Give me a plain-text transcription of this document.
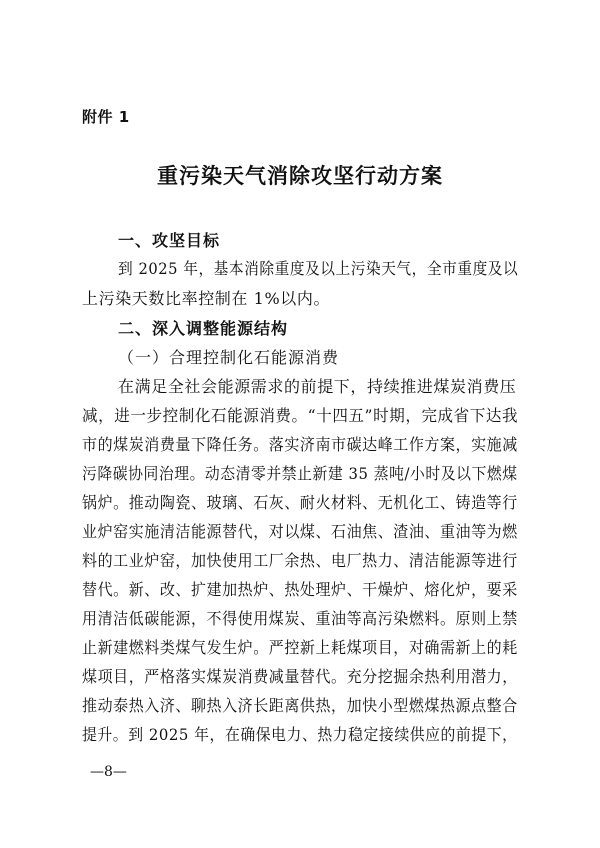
附件 1
重污染天气消除攻坚行动方案
一、攻坚目标
到 2025 年，基本消除重度及以上污染天气，全市重度及以
上污染天数比率控制在 1%以内。
二、深入调整能源结构
（一）合理控制化石能源消费
在满足全社会能源需求的前提下，持续推进煤炭消费压
减，进一步控制化石能源消费。“十四五”时期，完成省下达我
市的煤炭消费量下降任务。落实济南市碳达峰工作方案，实施减
污降碳协同治理。动态清零并禁止新建 35 蒸吨/小时及以下燃煤
锅炉。推动陶瓷、玻璃、石灰、耐火材料、无机化工、铸造等行
业炉窑实施清洁能源替代，对以煤、石油焦、渣油、重油等为燃
料的工业炉窑，加快使用工厂余热、电厂热力、清洁能源等进行
替代。新、改、扩建加热炉、热处理炉、干燥炉、熔化炉，要采
用清洁低碳能源，不得使用煤炭、重油等高污染燃料。原则上禁
止新建燃料类煤气发生炉。严控新上耗煤项目，对确需新上的耗
煤项目，严格落实煤炭消费减量替代。充分挖掘余热利用潜力，
推动泰热入济、聊热入济长距离供热，加快小型燃煤热源点整合
提升。到 2025 年，在确保电力、热力稳定接续供应的前提下，
—8—
